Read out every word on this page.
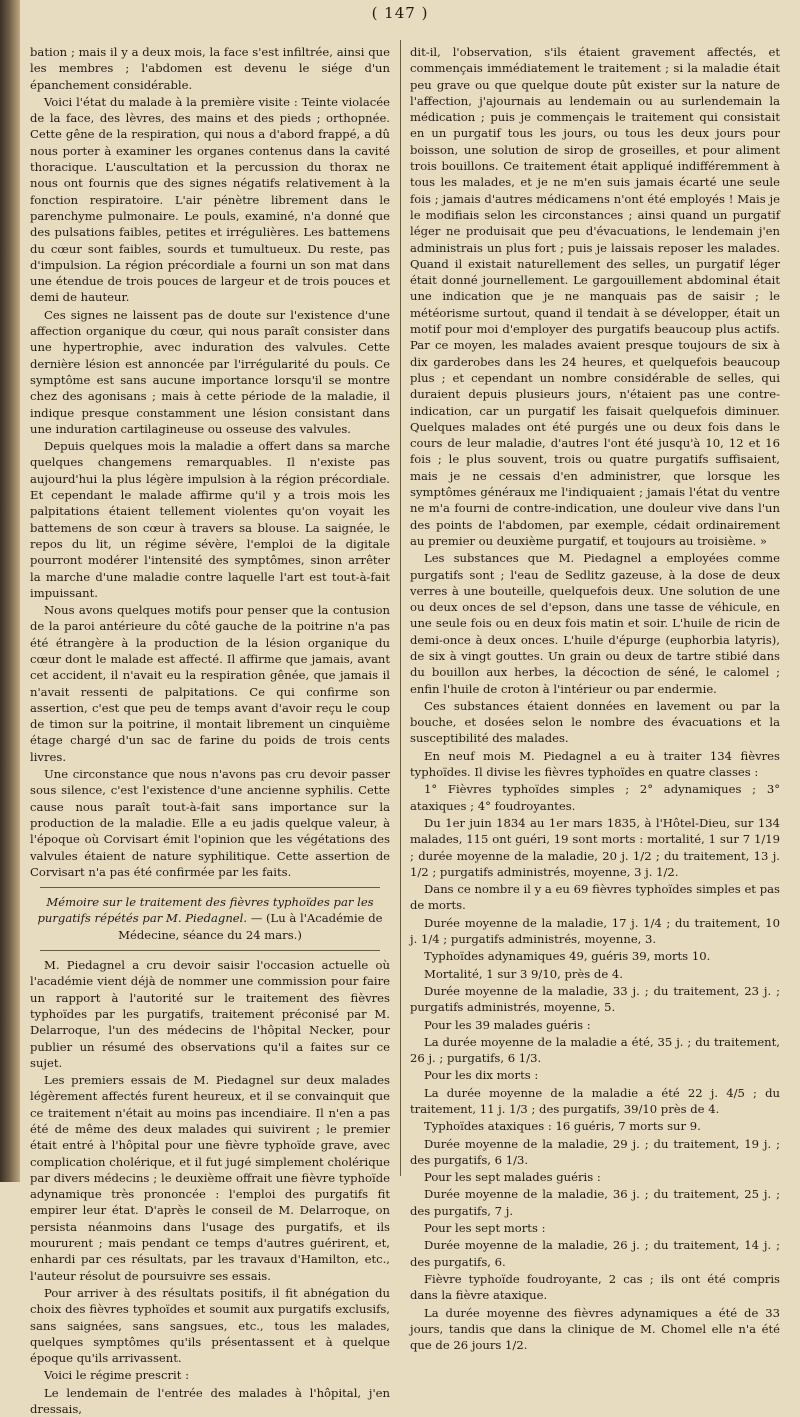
( 147 )

bation ; mais il y a deux mois, la face s'est infiltrée, ainsi que les membres ; l'abdomen est devenu le siége d'un épanchement considérable.

Voici l'état du malade à la première visite : Teinte violacée de la face, des lèvres, des mains et des pieds ; orthopnée. Cette gêne de la respiration, qui nous a d'abord frappé, a dû nous porter à examiner les organes contenus dans la cavité thoracique. L'auscultation et la percussion du thorax ne nous ont fournis que des signes négatifs relativement à la fonction respiratoire. L'air pénètre librement dans le parenchyme pulmonaire. Le pouls, examiné, n'a donné que des pulsations faibles, petites et irrégulières. Les battemens du cœur sont faibles, sourds et tumultueux. Du reste, pas d'impulsion. La région précordiale a fourni un son mat dans une étendue de trois pouces de largeur et de trois pouces et demi de hauteur.

Ces signes ne laissent pas de doute sur l'existence d'une affection organique du cœur, qui nous paraît consister dans une hypertrophie, avec induration des valvules. Cette dernière lésion est annoncée par l'irrégularité du pouls. Ce symptôme est sans aucune importance lorsqu'il se montre chez des agonisans ; mais à cette période de la maladie, il indique presque constamment une lésion consistant dans une induration cartilagineuse ou osseuse des valvules.

Depuis quelques mois la maladie a offert dans sa marche quelques changemens remarquables. Il n'existe pas aujourd'hui la plus légère impulsion à la région précordiale. Et cependant le malade affirme qu'il y a trois mois les palpitations étaient tellement violentes qu'on voyait les battemens de son cœur à travers sa blouse. La saignée, le repos du lit, un régime sévère, l'emploi de la digitale pourront modérer l'intensité des symptômes, sinon arrêter la marche d'une maladie contre laquelle l'art est tout-à-fait impuissant.

Nous avons quelques motifs pour penser que la contusion de la paroi antérieure du côté gauche de la poitrine n'a pas été étrangère à la production de la lésion organique du cœur dont le malade est affecté. Il affirme que jamais, avant cet accident, il n'avait eu la respiration gênée, que jamais il n'avait ressenti de palpitations. Ce qui confirme son assertion, c'est que peu de temps avant d'avoir reçu le coup de timon sur la poitrine, il montait librement un cinquième étage chargé d'un sac de farine du poids de trois cents livres.

Une circonstance que nous n'avons pas cru devoir passer sous silence, c'est l'existence d'une ancienne syphilis. Cette cause nous paraît tout-à-fait sans importance sur la production de la maladie. Elle a eu jadis quelque valeur, à l'époque où Corvisart émit l'opinion que les végétations des valvules étaient de nature syphilitique. Cette assertion de Corvisart n'a pas été confirmée par les faits.

Mémoire sur le traitement des fièvres typhoïdes par les purgatifs répétés par M. Piedagnel. — (Lu à l'Académie de Médecine, séance du 24 mars.)

M. Piedagnel a cru devoir saisir l'occasion actuelle où l'académie vient déjà de nommer une commission pour faire un rapport à l'autorité sur le traitement des fièvres typhoïdes par les purgatifs, traitement préconisé par M. Delarroque, l'un des médecins de l'hôpital Necker, pour publier un résumé des observations qu'il a faites sur ce sujet.

Les premiers essais de M. Piedagnel sur deux malades légèrement affectés furent heureux, et il se convainquit que ce traitement n'était au moins pas incendiaire. Il n'en a pas été de même des deux malades qui suivirent ; le premier était entré à l'hôpital pour une fièvre typhoïde grave, avec complication cholérique, et il fut jugé simplement cholérique par divers médecins ; le deuxième offrait une fièvre typhoïde adynamique très prononcée : l'emploi des purgatifs fit empirer leur état. D'après le conseil de M. Delarroque, on persista néanmoins dans l'usage des purgatifs, et ils moururent ; mais pendant ce temps d'autres guérirent, et, enhardi par ces résultats, par les travaux d'Hamilton, etc., l'auteur résolut de poursuivre ses essais.

Pour arriver à des résultats positifs, il fit abnégation du choix des fièvres typhoïdes et soumit aux purgatifs exclusifs, sans saignées, sans sangsues, etc., tous les malades, quelques symptômes qu'ils présentassent et à quelque époque qu'ils arrivassent.

Voici le régime prescrit :

Le lendemain de l'entrée des malades à l'hôpital, j'en dressais,

dit-il, l'observation, s'ils étaient gravement affectés, et commençais immédiatement le traitement ; si la maladie était peu grave ou que quelque doute pût exister sur la nature de l'affection, j'ajournais au lendemain ou au surlendemain la médication ; puis je commençais le traitement qui consistait en un purgatif tous les jours, ou tous les deux jours pour boisson, une solution de sirop de groseilles, et pour aliment trois bouillons. Ce traitement était appliqué indifféremment à tous les malades, et je ne m'en suis jamais écarté une seule fois ; jamais d'autres médicamens n'ont été employés ! Mais je le modifiais selon les circonstances ; ainsi quand un purgatif léger ne produisait que peu d'évacuations, le lendemain j'en administrais un plus fort ; puis je laissais reposer les malades. Quand il existait naturellement des selles, un purgatif léger était donné journellement. Le gargouillement abdominal était une indication que je ne manquais pas de saisir ; le météorisme surtout, quand il tendait à se développer, était un motif pour moi d'employer des purgatifs beaucoup plus actifs. Par ce moyen, les malades avaient presque toujours de six à dix garderobes dans les 24 heures, et quelquefois beaucoup plus ; et cependant un nombre considérable de selles, qui duraient depuis plusieurs jours, n'étaient pas une contre-indication, car un purgatif les faisait quelquefois diminuer. Quelques malades ont été purgés une ou deux fois dans le cours de leur maladie, d'autres l'ont été jusqu'à 10, 12 et 16 fois ; le plus souvent, trois ou quatre purgatifs suffisaient, mais je ne cessais d'en administrer, que lorsque les symptômes généraux me l'indiquaient ; jamais l'état du ventre ne m'a fourni de contre-indication, une douleur vive dans l'un des points de l'abdomen, par exemple, cédait ordinairement au premier ou deuxième purgatif, et toujours au troisième. »

Les substances que M. Piedagnel a employées comme purgatifs sont ; l'eau de Sedlitz gazeuse, à la dose de deux verres à une bouteille, quelquefois deux. Une solution de une ou deux onces de sel d'epson, dans une tasse de véhicule, en une seule fois ou en deux fois matin et soir. L'huile de ricin de demi-once à deux onces. L'huile d'épurge (euphorbia latyris), de six à vingt gouttes. Un grain ou deux de tartre stibié dans du bouillon aux herbes, la décoction de séné, le calomel ; enfin l'huile de croton à l'intérieur ou par endermie.

Ces substances étaient données en lavement ou par la bouche, et dosées selon le nombre des évacuations et la susceptibilité des malades.

En neuf mois M. Piedagnel a eu à traiter 134 fièvres typhoïdes. Il divise les fièvres typhoïdes en quatre classes :

1° Fièvres typhoïdes simples ; 2° adynamiques ; 3° ataxiques ; 4° foudroyantes.

Du 1er juin 1834 au 1er mars 1835, à l'Hôtel-Dieu, sur 134 malades, 115 ont guéri, 19 sont morts : mortalité, 1 sur 7 1/19 ; durée moyenne de la maladie, 20 j. 1/2 ; du traitement, 13 j. 1/2 ; purgatifs administrés, moyenne, 3 j. 1/2.

Dans ce nombre il y a eu 69 fièvres typhoïdes simples et pas de morts.

Durée moyenne de la maladie, 17 j. 1/4 ; du traitement, 10 j. 1/4 ; purgatifs administrés, moyenne, 3.

Typhoïdes adynamiques 49, guéris 39, morts 10.

Mortalité, 1 sur 3 9/10, près de 4.

Durée moyenne de la maladie, 33 j. ; du traitement, 23 j. ; purgatifs administrés, moyenne, 5.

Pour les 39 malades guéris :

La durée moyenne de la maladie a été, 35 j. ; du traitement, 26 j. ; purgatifs, 6 1/3.

Pour les dix morts :

La durée moyenne de la maladie a été 22 j. 4/5 ; du traitement, 11 j. 1/3 ; des purgatifs, 39/10 près de 4.

Typhoïdes ataxiques : 16 guéris, 7 morts sur 9.

Durée moyenne de la maladie, 29 j. ; du traitement, 19 j. ; des purgatifs, 6 1/3.

Pour les sept malades guéris :

Durée moyenne de la maladie, 36 j. ; du traitement, 25 j. ; des purgatifs, 7 j.

Pour les sept morts :

Durée moyenne de la maladie, 26 j. ; du traitement, 14 j. ; des purgatifs, 6.

Fièvre typhoïde foudroyante, 2 cas ; ils ont été compris dans la fièvre ataxique.

La durée moyenne des fièvres adynamiques a été de 33 jours, tandis que dans la clinique de M. Chomel elle n'a été que de 26 jours 1/2.
